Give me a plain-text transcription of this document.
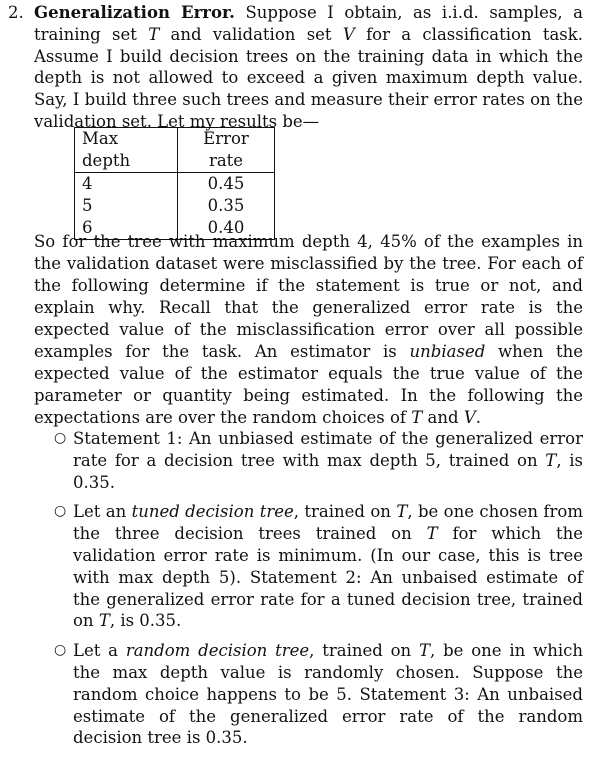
2. Generalization Error. Suppose I obtain, as i.i.d. samples, a training set T and validation set V for a classification task. Assume I build decision trees on the training data in which the depth is not allowed to exceed a given maximum depth value. Say, I build three such trees and measure their error rates on the validation set. Let my results be—
Max depth	Error rate
4	0.45
5	0.35
6	0.40
So for the tree with maximum depth 4, 45% of the examples in the validation dataset were misclassified by the tree. For each of the following determine if the statement is true or not, and explain why. Recall that the generalized error rate is the expected value of the misclassification error over all possible examples for the task. An estimator is unbiased when the expected value of the estimator equals the true value of the parameter or quantity being estimated. In the following the expectations are over the random choices of T and V.
○ Statement 1: An unbiased estimate of the generalized error rate for a decision tree with max depth 5, trained on T, is 0.35.
○ Let an tuned decision tree, trained on T, be one chosen from the three decision trees trained on T for which the validation error rate is minimum. (In our case, this is tree with max depth 5). Statement 2: An unbaised estimate of the generalized error rate for a tuned decision tree, trained on T, is 0.35.
○ Let a random decision tree, trained on T, be one in which the max depth value is randomly chosen. Suppose the random choice happens to be 5. Statement 3: An unbaised estimate of the generalized error rate of the random decision tree is 0.35.
